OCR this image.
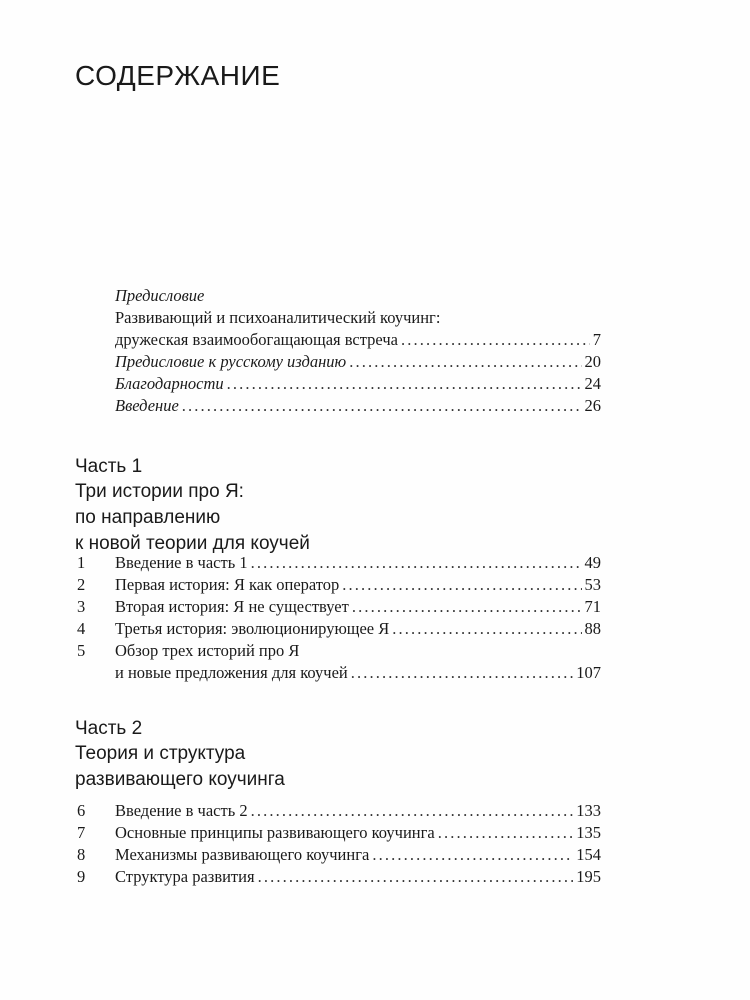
СОДЕРЖАНИЕ
Предисловие
Развивающий и психоаналитический коучинг:
дружеская взаимообогащающая встреча . . .	7
Предисловие к русскому изданию . . .	20
Благодарности . . .	24
Введение . . .	26

Часть 1

Три истории про Я:
по направлению
к новой теории для коучей

1	Введение в часть 1 . . .	49
2	Первая история: Я как оператор . . .	53
3	Вторая история: Я не существует . . .	71
4	Третья история: эволюционирующее Я . . .	88
5	Обзор трех историй про Я
и новые предложения для коучей . . .	107

Часть 2

Теория и структура
развивающего коучинга

6	Введение в часть 2 . . .	133
7	Основные принципы развивающего коучинга . . .	135
8	Механизмы развивающего коучинга . . .	154
9	Структура развития . . .	195
